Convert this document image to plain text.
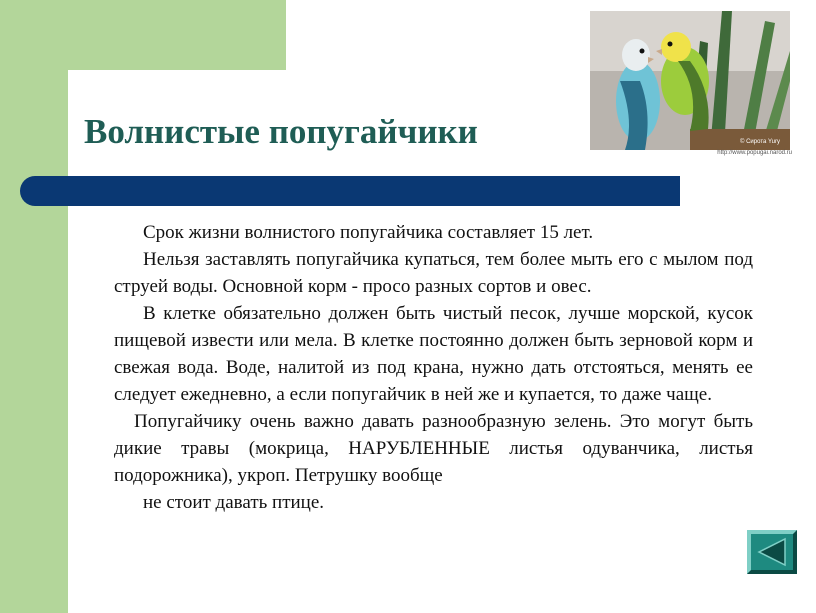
Волнистые попугайчики	© Сирота Yury
http://www.popugai.narod.ru

Срок жизни волнистого попугайчика составляет 15 лет.

Нельзя заставлять попугайчика купаться, тем более мыть его с мылом под струей воды. Основной корм - просо разных сортов и овес.

В клетке обязательно должен быть чистый песок, лучше морской, кусок пищевой извести или мела. В клетке постоянно должен быть зерновой корм и свежая вода. Воде, налитой из под крана, нужно дать отстояться, менять ее следует ежедневно, а если попугайчик в ней же и купается, то даже чаще.

Попугайчику очень важно давать разнообразную зелень. Это могут быть дикие травы (мокрица, НАРУБЛЕННЫЕ листья одуванчика, листья подорожника), укроп. Петрушку вообще

не стоит давать птице.
